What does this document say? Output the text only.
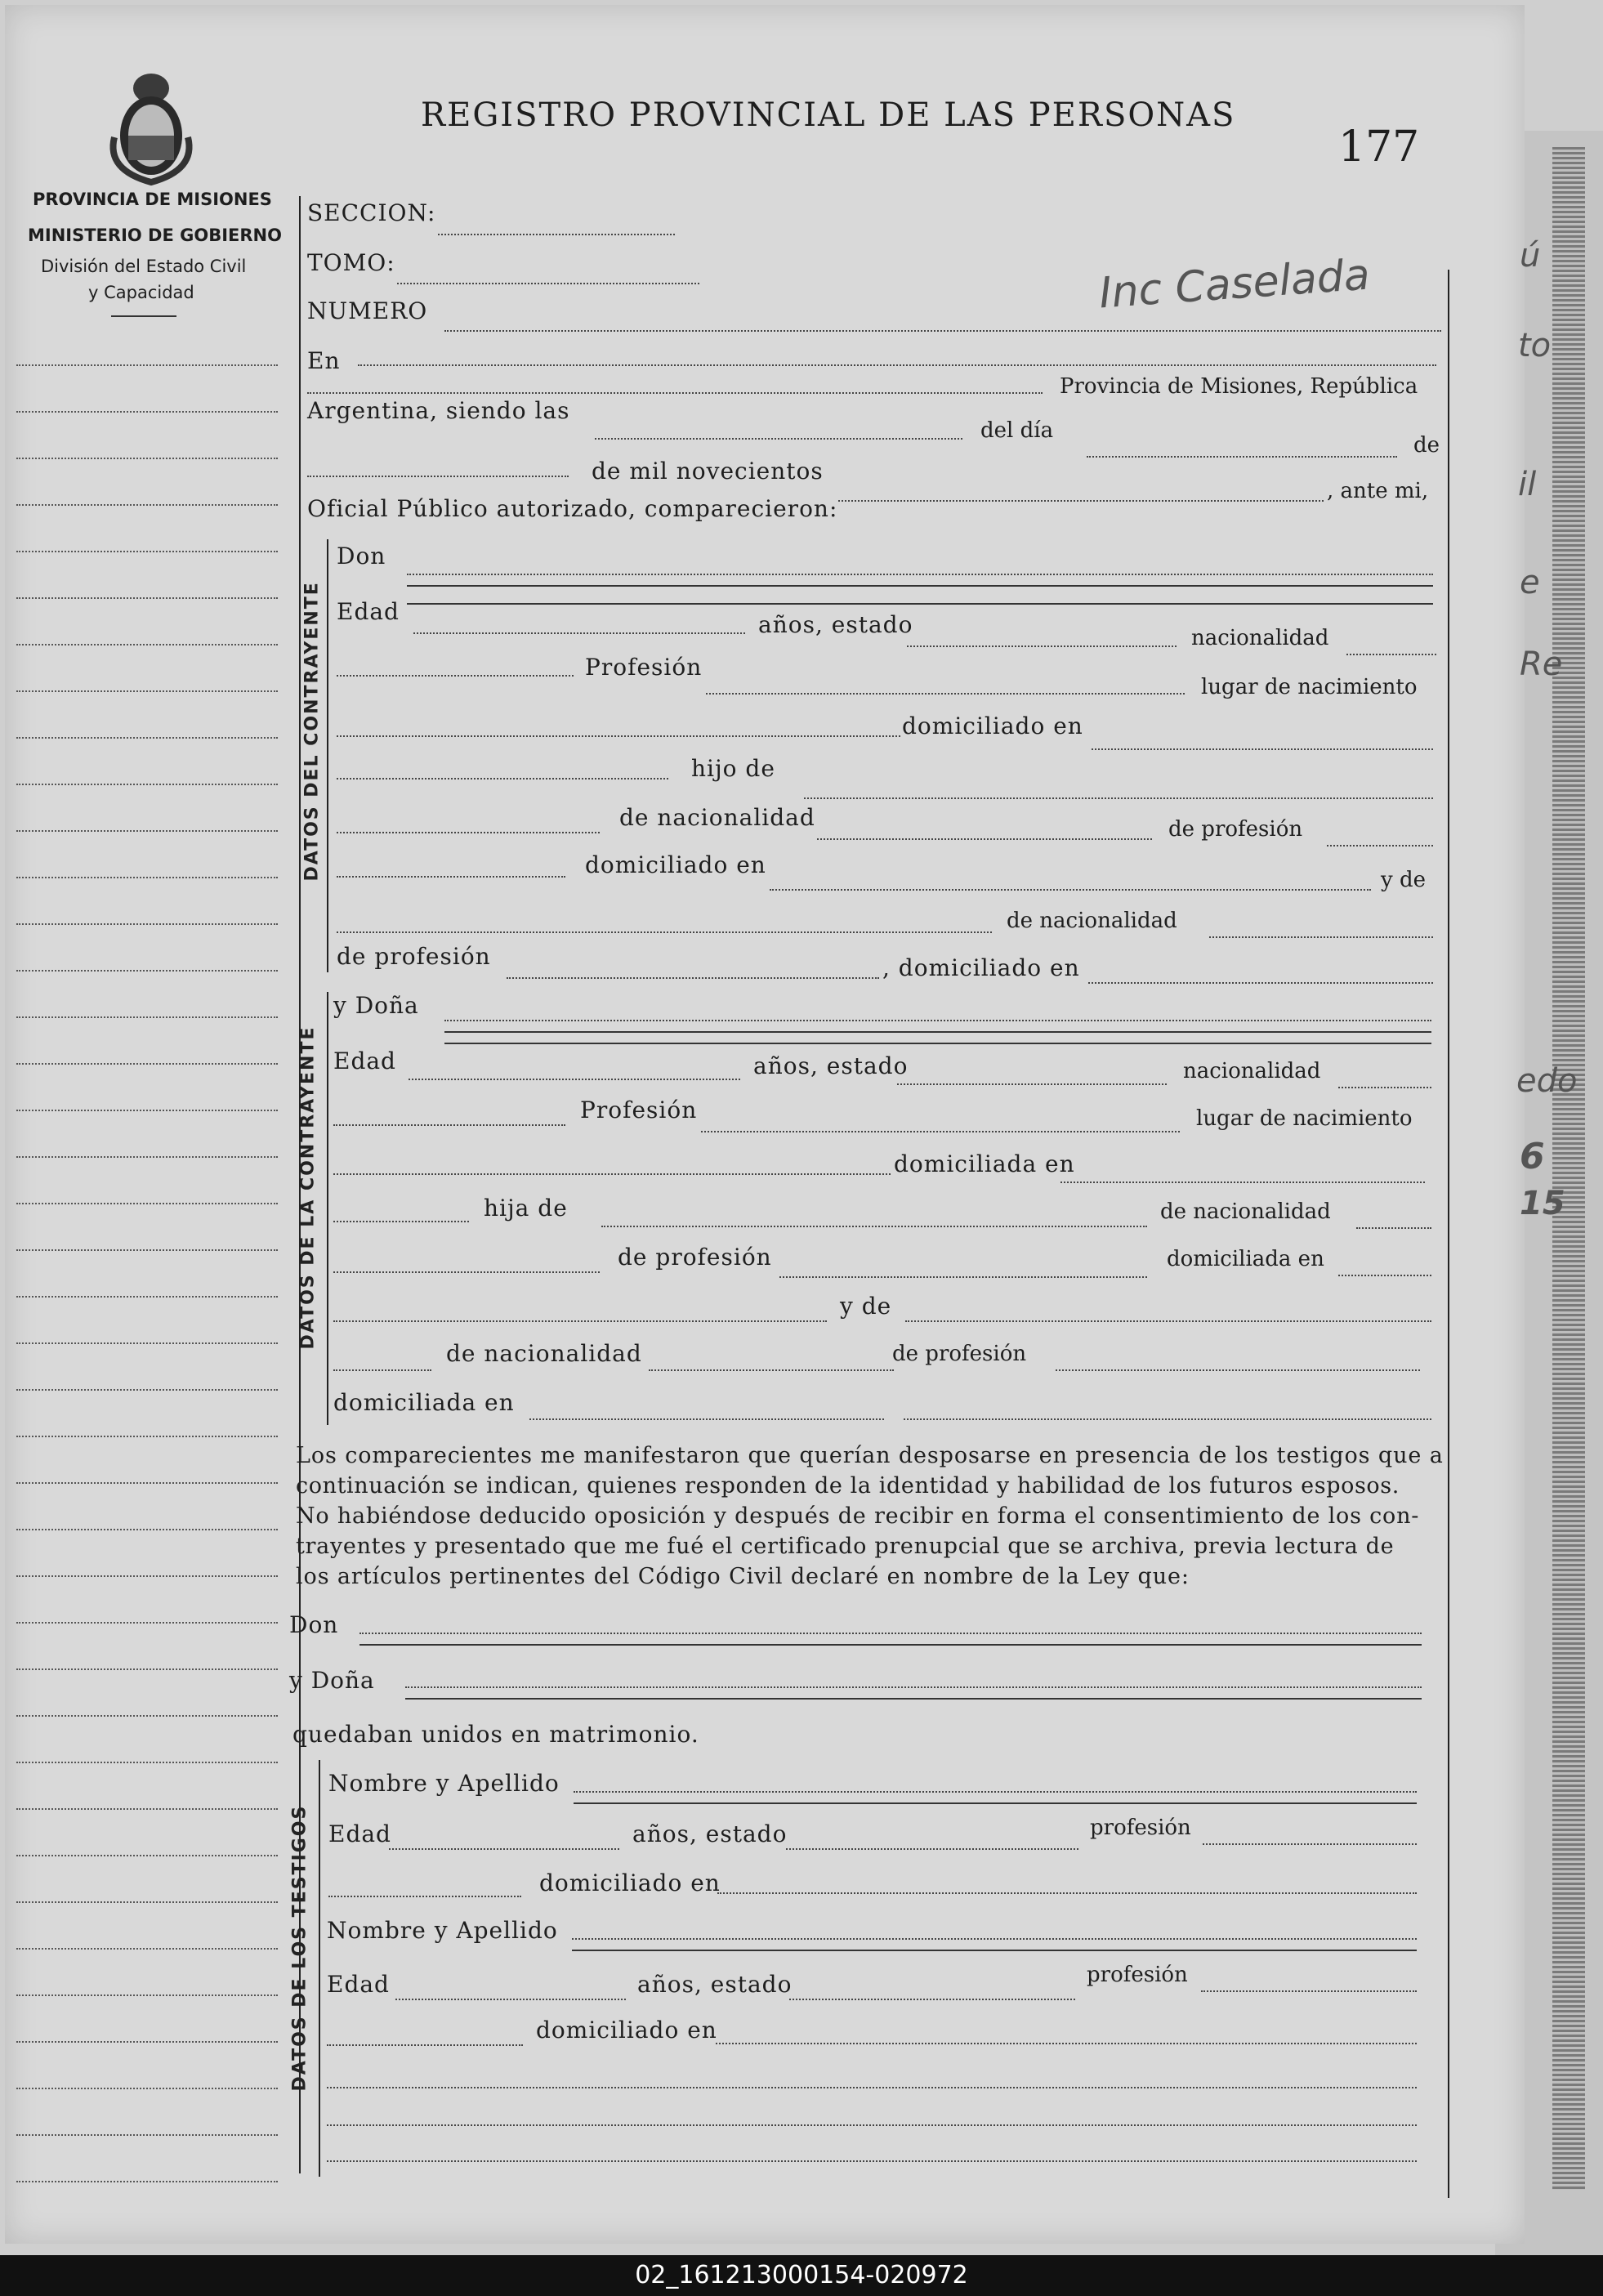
PROVINCIA DE MISIONES
MINISTERIO DE GOBIERNO
División del Estado Civil
y Capacidad
REGISTRO PROVINCIAL DE LAS PERSONAS
177
Inc Caselada
SECCION:
TOMO:
NUMERO
En
Provincia de Misiones, República
Argentina, siendo las
del día
de
de mil novecientos
, ante mi,
Oficial Público autorizado, comparecieron:
DATOS DEL CONTRAYENTE
Don
Edad	años, estado	nacionalidad
Profesión
lugar de nacimiento
domiciliado en
hijo de
de nacionalidad	de profesión
domiciliado en
y de
de nacionalidad
de profesión	, domiciliado en
DATOS DE LA CONTRAYENTE
y Doña
Edad	años, estado	nacionalidad
Profesión	lugar de nacimiento
domiciliada en
hija de	de nacionalidad
de profesión	domiciliada en
y de
de nacionalidad	de profesión
domiciliada en
Los comparecientes me manifestaron que querían desposarse en presencia de los testigos que a
continuación se indican, quienes responden de la identidad y habilidad de los futuros esposos.
No habiéndose deducido oposición y después de recibir en forma el consentimiento de los con-
trayentes y presentado que me fué el certificado prenupcial que se archiva, previa lectura de
los artículos pertinentes del Código Civil declaré en nombre de la Ley que:
Don
y Doña
quedaban unidos en matrimonio.
DATOS DE LOS TESTIGOS
Nombre y Apellido
Edad	años, estado	profesión
domiciliado en
Nombre y Apellido
Edad	años, estado	profesión
domiciliado en
ú
to
il
e
Re
edo
6
15
02_161213000154-020972
